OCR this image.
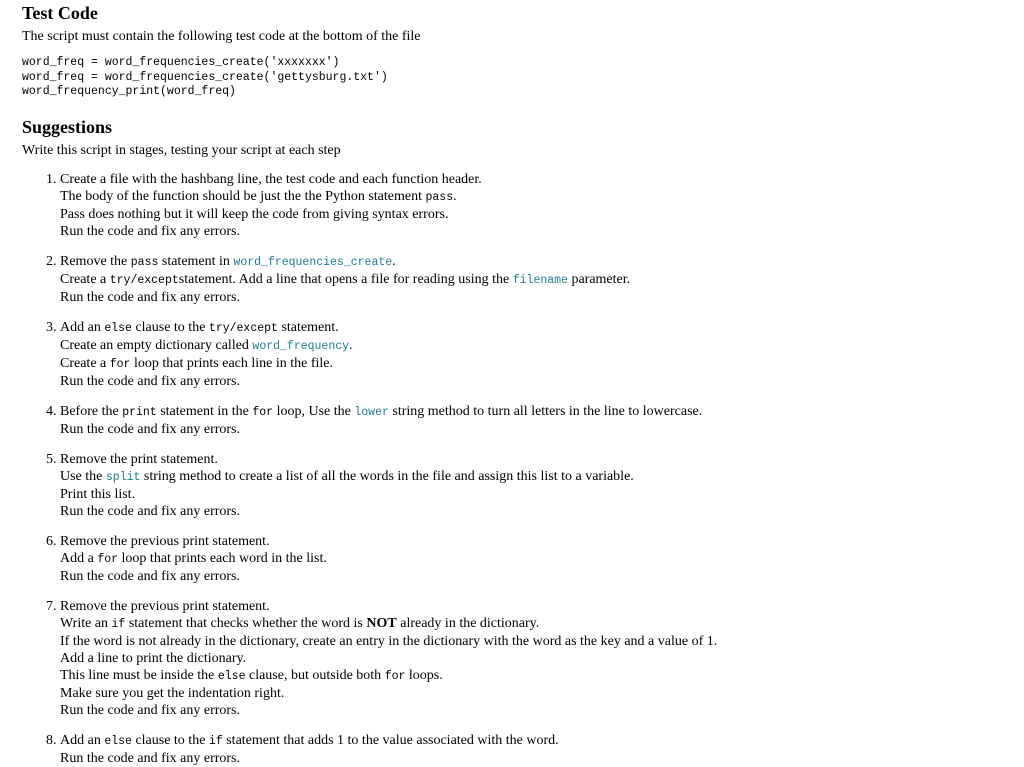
Test Code

The script must contain the following test code at the bottom of the file

word_freq = word_frequencies_create('xxxxxxx')
word_freq = word_frequencies_create('gettysburg.txt')
word_frequency_print(word_freq)
Suggestions

Write this script in stages, testing your script at each step

1. Create a file with the hashbang line, the test code and each function header.
The body of the function should be just the the Python statement pass.
Pass does nothing but it will keep the code from giving syntax errors.
Run the code and fix any errors.
2. Remove the pass statement in word_frequencies_create.
Create a try/exceptstatement. Add a line that opens a file for reading using the filename parameter.
Run the code and fix any errors.
3. Add an else clause to the try/except statement.
Create an empty dictionary called word_frequency.
Create a for loop that prints each line in the file.
Run the code and fix any errors.
4. Before the print statement in the for loop, Use the lower string method to turn all letters in the line to lowercase.
Run the code and fix any errors.
5. Remove the print statement.
Use the split string method to create a list of all the words in the file and assign this list to a variable.
Print this list.
Run the code and fix any errors.
6. Remove the previous print statement.
Add a for loop that prints each word in the list.
Run the code and fix any errors.
7. Remove the previous print statement.
Write an if statement that checks whether the word is NOT already in the dictionary.
If the word is not already in the dictionary, create an entry in the dictionary with the word as the key and a value of 1.
Add a line to print the dictionary.
This line must be inside the else clause, but outside both for loops.
Make sure you get the indentation right.
Run the code and fix any errors.
8. Add an else clause to the if statement that adds 1 to the value associated with the word.
Run the code and fix any errors.
